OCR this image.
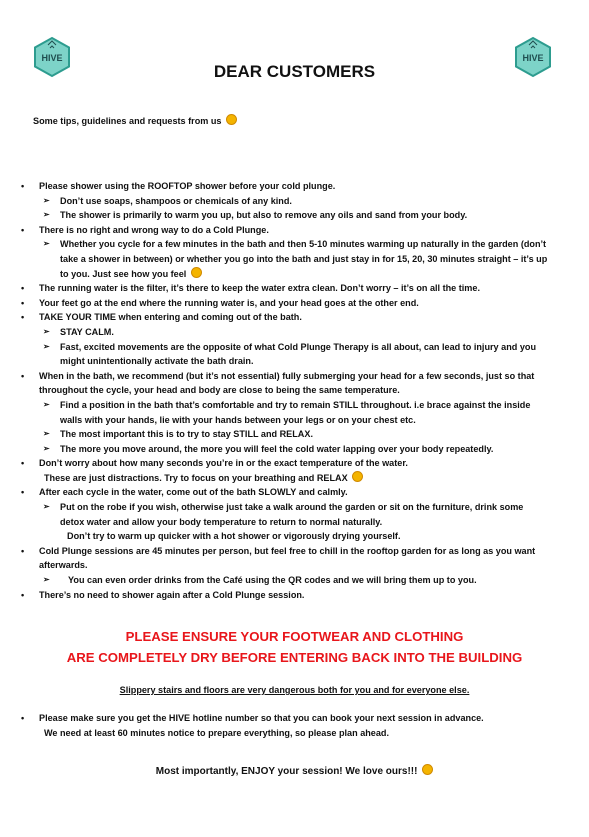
HIVE	HIVE
DEAR CUSTOMERS
Some tips, guidelines and requests from us
• Please shower using the ROOFTOP shower before your cold plunge.
➢ Don’t use soaps, shampoos or chemicals of any kind.
➢ The shower is primarily to warm you up, but also to remove any oils and sand from your body.
• There is no right and wrong way to do a Cold Plunge.
➢ Whether you cycle for a few minutes in the bath and then 5-10 minutes warming up naturally in the garden (don’t take a shower in between) or whether you go into the bath and just stay in for 15, 20, 30 minutes straight – it’s up to you. Just see how you feel
• The running water is the filter, it’s there to keep the water extra clean. Don’t worry – it’s on all the time.
• Your feet go at the end where the running water is, and your head goes at the other end.
• TAKE YOUR TIME when entering and coming out of the bath.
➢ STAY CALM.
➢ Fast, excited movements are the opposite of what Cold Plunge Therapy is all about, can lead to injury and you might unintentionally activate the bath drain.
• When in the bath, we recommend (but it’s not essential) fully submerging your head for a few seconds, just so that throughout the cycle, your head and body are close to being the same temperature.
➢ Find a position in the bath that’s comfortable and try to remain STILL throughout. i.e brace against the inside walls with your hands, lie with your hands between your legs or on your chest etc.
➢ The most important this is to try to stay STILL and RELAX.
➢ The more you move around, the more you will feel the cold water lapping over your body repeatedly.
• Don’t worry about how many seconds you’re in or the exact temperature of the water.
These are just distractions. Try to focus on your breathing and RELAX
• After each cycle in the water, come out of the bath SLOWLY and calmly.
➢ Put on the robe if you wish, otherwise just take a walk around the garden or sit on the furniture, drink some detox water and allow your body temperature to return to normal naturally.
Don’t try to warm up quicker with a hot shower or vigorously drying yourself.
• Cold Plunge sessions are 45 minutes per person, but feel free to chill in the rooftop garden for as long as you want afterwards.
➢ You can even order drinks from the Café using the QR codes and we will bring them up to you.
• There’s no need to shower again after a Cold Plunge session.
PLEASE ENSURE YOUR FOOTWEAR AND CLOTHING
ARE COMPLETELY DRY BEFORE ENTERING BACK INTO THE BUILDING
Slippery stairs and floors are very dangerous both for you and for everyone else.
• Please make sure you get the HIVE hotline number so that you can book your next session in advance.
We need at least 60 minutes notice to prepare everything, so please plan ahead.
Most importantly, ENJOY your session! We love ours!!!
